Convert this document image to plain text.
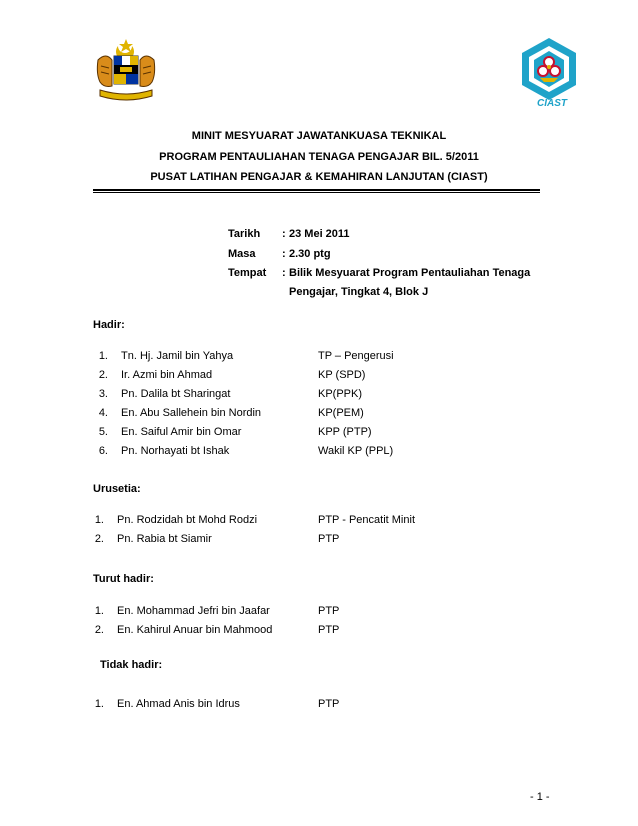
CIAST
MINIT MESYUARAT JAWATANKUASA TEKNIKAL
PROGRAM PENTAULIAHAN TENAGA PENGAJAR BIL. 5/2011
PUSAT LATIHAN PENGAJAR & KEMAHIRAN LANJUTAN (CIAST)
Tarikh : 23 Mei 2011
Masa : 2.30 ptg
Tempat : Bilik Mesyuarat Program Pentauliahan Tenaga
Pengajar, Tingkat 4, Blok J
Hadir:
1. Tn. Hj. Jamil bin Yahya	TP – Pengerusi
2. Ir. Azmi bin Ahmad	KP (SPD)
3. Pn. Dalila bt Sharingat	KP(PPK)
4. En. Abu Sallehein bin Nordin	KP(PEM)
5. En. Saiful Amir bin Omar	KPP (PTP)
6. Pn. Norhayati bt Ishak	Wakil KP (PPL)
Urusetia:
1. Pn. Rodzidah bt Mohd Rodzi	PTP - Pencatit Minit
2. Pn. Rabia bt Siamir	PTP
Turut hadir:
1. En. Mohammad Jefri bin Jaafar	PTP
2. En. Kahirul Anuar bin Mahmood	PTP
Tidak hadir:
1. En. Ahmad Anis bin Idrus	PTP
- 1 -
